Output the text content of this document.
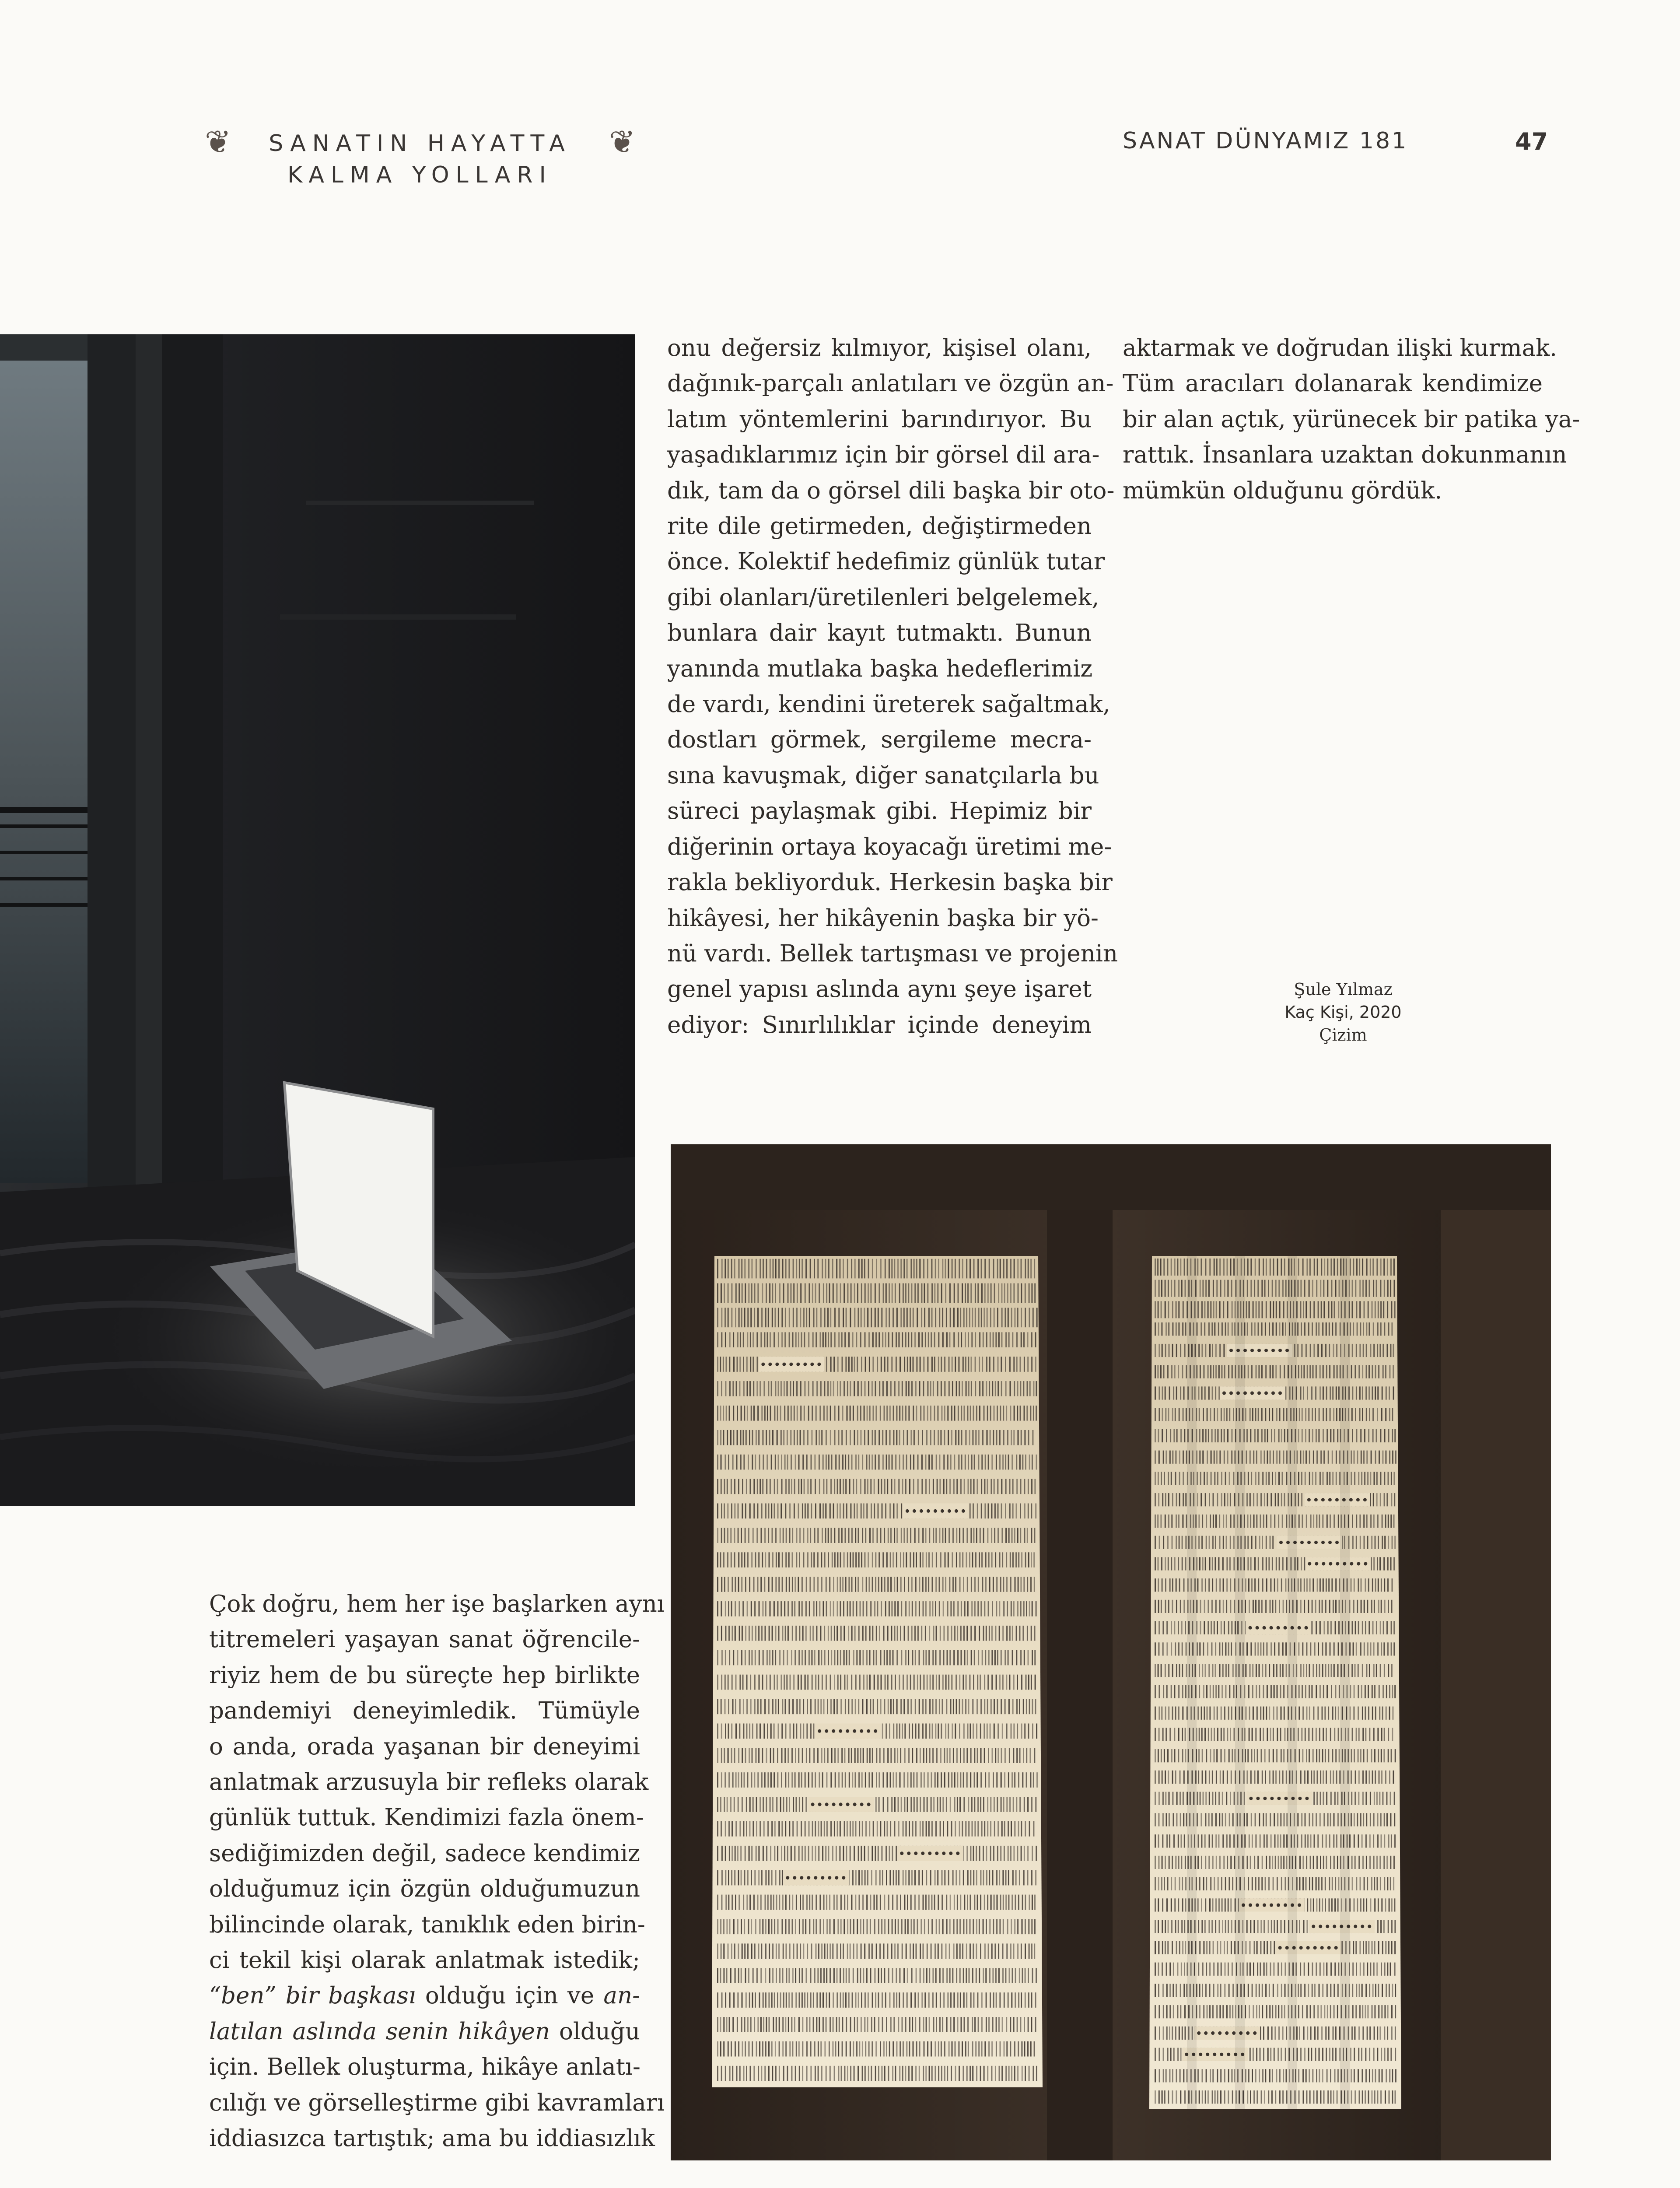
❦	SANATIN HAYATTA
KALMA YOLLARI
❦	SANAT DÜNYAMIZ 181	47
onu değersiz kılmıyor, kişisel olanı,
dağınık-parçalı anlatıları ve özgün an-
latım yöntemlerini barındırıyor. Bu
yaşadıklarımız için bir görsel dil ara-
dık, tam da o görsel dili başka bir oto-
rite dile getirmeden, değiştirmeden
önce. Kolektif hedefimiz günlük tutar
gibi olanları/üretilenleri belgelemek,
bunlara dair kayıt tutmaktı. Bunun
yanında mutlaka başka hedeflerimiz
de vardı, kendini üreterek sağaltmak,
dostları görmek, sergileme mecra-
sına kavuşmak, diğer sanatçılarla bu
süreci paylaşmak gibi. Hepimiz bir
diğerinin ortaya koyacağı üretimi me-
rakla bekliyorduk. Herkesin başka bir
hikâyesi, her hikâyenin başka bir yö-
nü vardı. Bellek tartışması ve projenin
genel yapısı aslında aynı şeye işaret
ediyor: Sınırlılıklar içinde deneyim
aktarmak ve doğrudan ilişki kurmak.
Tüm aracıları dolanarak kendimize
bir alan açtık, yürünecek bir patika ya-
rattık. İnsanlara uzaktan dokunmanın
mümkün olduğunu gördük.
Şule Yılmaz
Kaç Kişi, 2020
Çizim
Çok doğru, hem her işe başlarken aynı
titremeleri yaşayan sanat öğrencile-
riyiz hem de bu süreçte hep birlikte
pandemiyi deneyimledik. Tümüyle
o anda, orada yaşanan bir deneyimi
anlatmak arzusuyla bir refleks olarak
günlük tuttuk. Kendimizi fazla önem-
sediğimizden değil, sadece kendimiz
olduğumuz için özgün olduğumuzun
bilincinde olarak, tanıklık eden birin-
ci tekil kişi olarak anlatmak istedik;
“ben” bir başkası olduğu için ve an-
latılan aslında senin hikâyen olduğu
için. Bellek oluşturma, hikâye anlatı-
cılığı ve görselleştirme gibi kavramları
iddiasızca tartıştık; ama bu iddiasızlık
